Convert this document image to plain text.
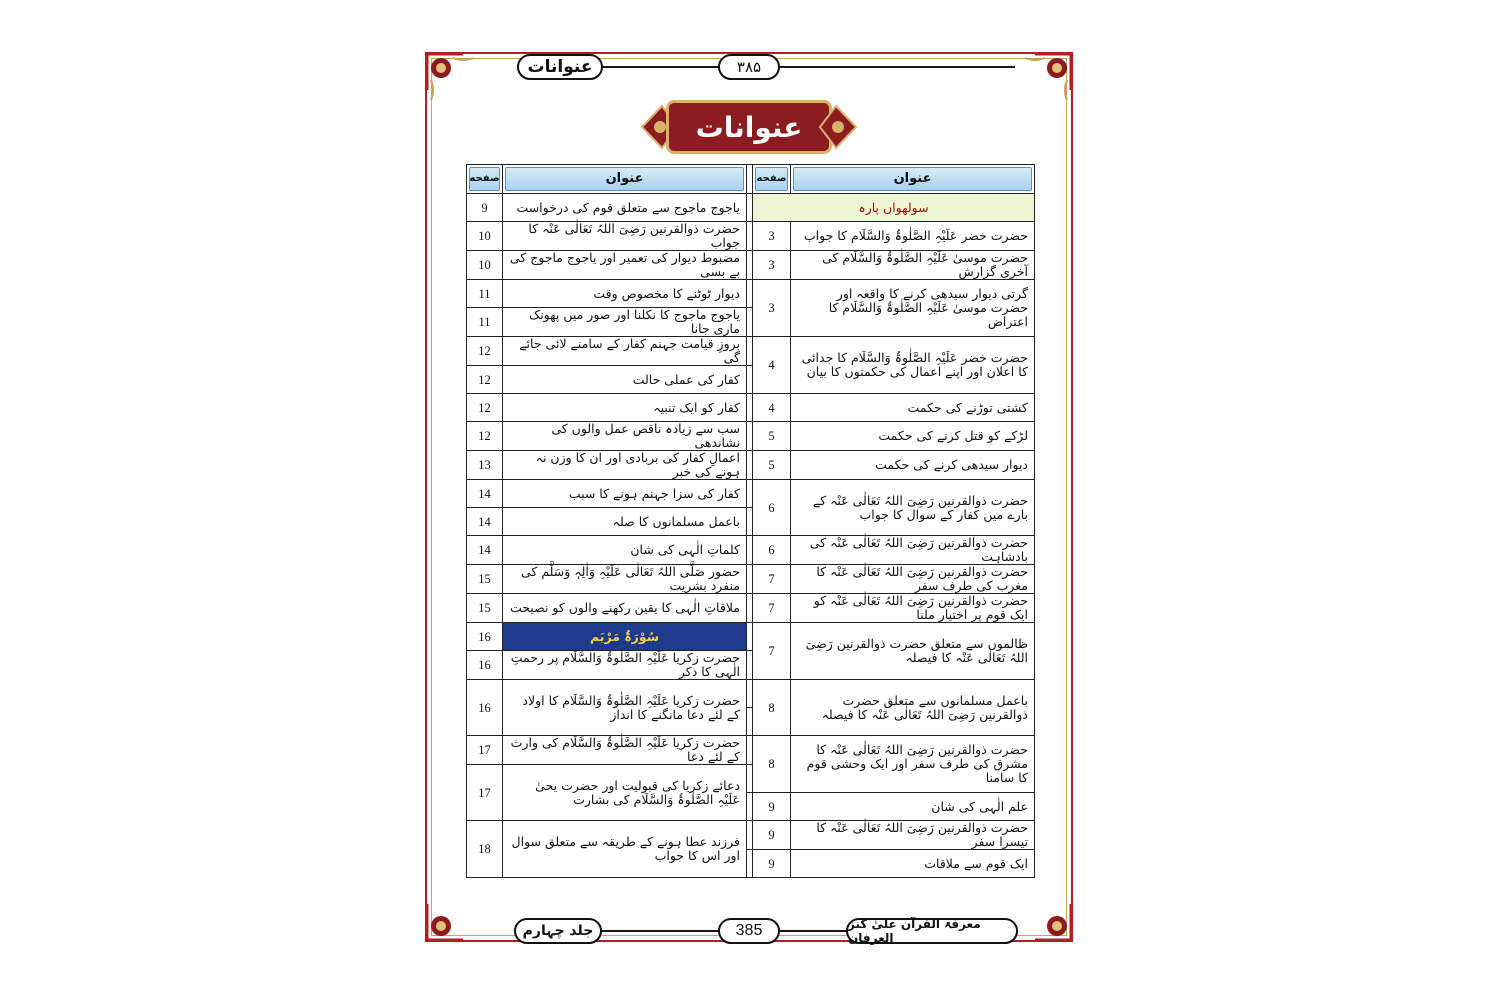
عنوانات	۳۸۵
عنوانات
عنوان	صفحه		عنوان	صفحه

سولھواں پارہ			یاجوج ماجوج سے متعلق قوم کی درخواست	9
حضرت خضر عَلَیْہِ الصَّلٰوۃُ وَالسَّلَام کا جواب	3		حضرت ذوالقرنین رَضِیَ اللہُ تَعَالٰی عَنْہ کا جواب	10
حضرت موسیٰ عَلَیْہِ الصَّلٰوۃُ وَالسَّلَام کی آخری گزارش	3		مضبوط دیوار کی تعمیر اور یاجوج ماجوج کی بے بسی	10
گرتی دیوار سیدھی کرنے کا واقعہ اور حضرت موسیٰ عَلَیْہِ الصَّلٰوۃُ وَالسَّلَام کا اعتراض	3		دیوار ٹوٹنے کا مخصوص وقت	11
			یاجوج ماجوج کا نکلنا اور صور میں پھونک ماری جانا	11
حضرت خضر عَلَیْہِ الصَّلٰوۃُ وَالسَّلَام کا جدائی کا اعلان اور اپنے اعمال کی حکمتوں کا بیان	4		بروزِ قیامت جہنم کفار کے سامنے لائی جائے گی	12
			کفار کی عملی حالت	12
کشتی توڑنے کی حکمت	4		کفار کو ایک تنبیہ	12
لڑکے کو قتل کرنے کی حکمت	5		سب سے زیادہ ناقص عمل والوں کی نشاندھی	12
دیوار سیدھی کرنے کی حکمت	5		اعمالِ کفار کی بربادی اور ان کا وزن نہ ہونے کی خبر	13
حضرت ذوالقرنین رَضِیَ اللہُ تَعَالٰی عَنْہ کے بارے میں کفار کے سوال کا جواب	6		کفار کی سزا جہنم ہونے کا سبب	14
			باعمل مسلمانوں کا صلہ	14
حضرت ذوالقرنین رَضِیَ اللہُ تَعَالٰی عَنْہ کی بادشاہت	6		کلماتِ الٰہی کی شان	14
حضرت ذوالقرنین رَضِیَ اللہُ تَعَالٰی عَنْہ کا مغرب کی طرف سفر	7		حضور صَلَّی اللہُ تَعَالٰی عَلَیْہِ وَاٰلِہٖ وَسَلَّم کی منفرد بشریت	15
حضرت ذوالقرنین رَضِیَ اللہُ تَعَالٰی عَنْہ کو ایک قوم پر اختیار ملنا	7		ملاقاتِ الٰہی کا یقین رکھنے والوں کو نصیحت	15
ظالموں سے متعلق حضرت ذوالقرنین رَضِیَ اللہُ تَعَالٰی عَنْہ کا فیصلہ	7		سُوْرَۃُ مَرْیَم	16
			حضرت زکریا عَلَیْہِ الصَّلٰوۃُ وَالسَّلَام پر رحمتِ الٰہی کا ذکر	16
باعمل مسلمانوں سے متعلق حضرت ذوالقرنین رَضِیَ اللہُ تَعَالٰی عَنْہ کا فیصلہ	8		حضرت زکریا عَلَیْہِ الصَّلٰوۃُ وَالسَّلَام کا اولاد کے لئے دعا مانگنے کا انداز	16

حضرت ذوالقرنین رَضِیَ اللہُ تَعَالٰی عَنْہ کا مشرق کی طرف سفر اور ایک وحشی قوم کا سامنا	8		حضرت زکریا عَلَیْہِ الصَّلٰوۃُ وَالسَّلَام کی وارث کے لئے دعا	17
			دعائے زکریا کی قبولیت اور حضرت یحیٰ عَلَیْہِ الصَّلٰوۃُ وَالسَّلَام کی بشارت	17
علم الٰہی کی شان	9			
حضرت ذوالقرنین رَضِیَ اللہُ تَعَالٰی عَنْہ کا تیسرا سفر	9		فرزند عطا ہونے کے طریقہ سے متعلق سوال اور اس کا جواب	18
ایک قوم سے ملاقات	9			
جلد چہارم	385	معرفۃ القرآن علیٰ کنز العرفان
